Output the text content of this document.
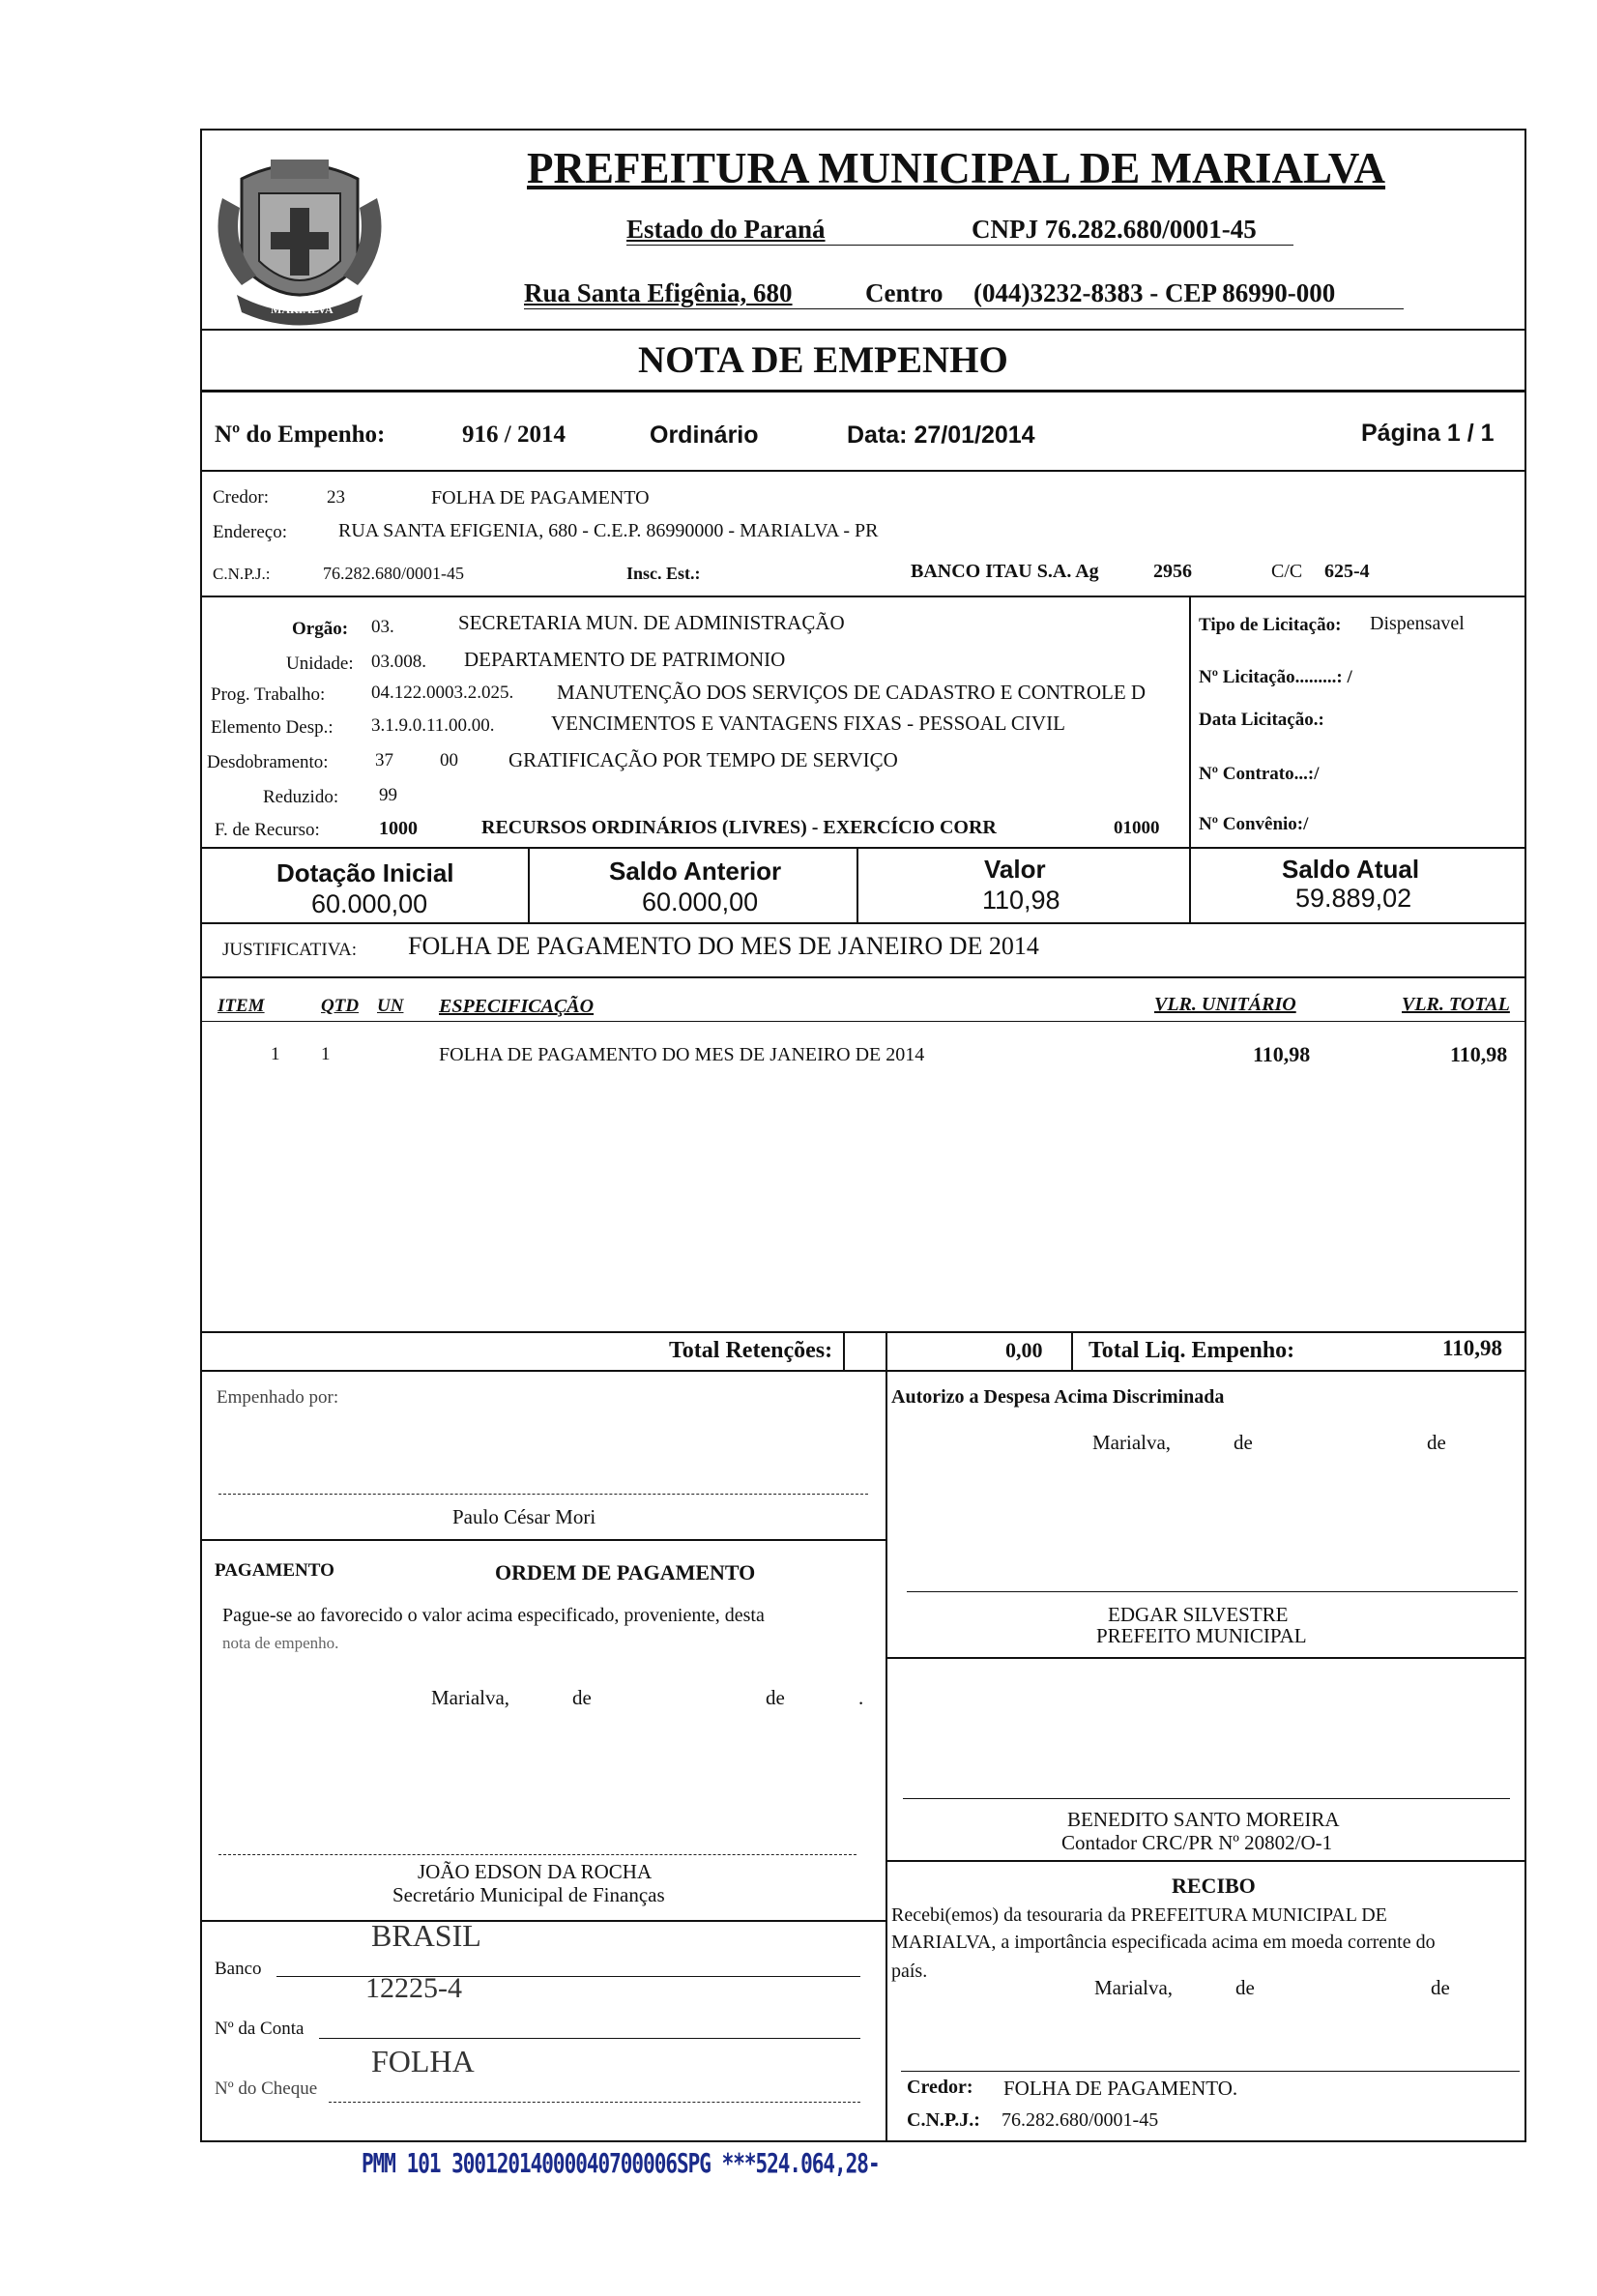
MARIALVA
PREFEITURA MUNICIPAL DE MARIALVA
Estado do Paraná	CNPJ 76.282.680/0001-45
Rua Santa Efigênia, 680	Centro (044)3232-8383 - CEP 86990-000
NOTA DE EMPENHO
Nº do Empenho:	916 / 2014	Ordinário	Data: 27/01/2014	Página 1 / 1
Credor:	23	FOLHA DE PAGAMENTO
Endereço:	RUA SANTA EFIGENIA, 680 - C.E.P. 86990000 - MARIALVA - PR
C.N.P.J.:	76.282.680/0001-45	Insc. Est.:	BANCO ITAU S.A. Ag	2956	C/C 625-4
Orgão: 03.	SECRETARIA MUN. DE ADMINISTRAÇÃO
Unidade: 03.008. DEPARTAMENTO DE PATRIMONIO
Prog. Trabalho:	04.122.0003.2.025. MANUTENÇÃO DOS SERVIÇOS DE CADASTRO E CONTROLE D
Elemento Desp.: 3.1.9.0.11.00.00.	VENCIMENTOS E VANTAGENS FIXAS - PESSOAL CIVIL
Desdobramento:	37	00 GRATIFICAÇÃO POR TEMPO DE SERVIÇO
Reduzido: 99
F. de Recurso:	1000	RECURSOS ORDINÁRIOS (LIVRES) - EXERCÍCIO CORR	01000
Tipo de Licitação: Dispensavel
Nº Licitação.........: /
Data Licitação.:
Nº Contrato...:/
Nº Convênio:/
Dotação Inicial
60.000,00
Saldo Anterior
60.000,00
Valor
110,98
Saldo Atual
59.889,02
JUSTIFICATIVA: FOLHA DE PAGAMENTO DO MES DE JANEIRO DE 2014
ITEM	QTD UN ESPECIFICAÇÃO	VLR. UNITÁRIO	VLR. TOTAL
1 1	FOLHA DE PAGAMENTO DO MES DE JANEIRO DE 2014	110,98	110,98
Total Retenções:	0,00 Total Liq. Empenho:	110,98
Empenhado por:
Paulo César Mori
Autorizo a Despesa Acima Discriminada
Marialva,	de	de
EDGAR SILVESTRE
PREFEITO MUNICIPAL
PAGAMENTO	ORDEM DE PAGAMENTO
Pague-se ao favorecido o valor acima especificado, proveniente, desta
nota de empenho.
Marialva,	de	de	.
BENEDITO SANTO MOREIRA
Contador CRC/PR Nº 20802/O-1
JOÃO EDSON DA ROCHA
Secretário Municipal de Finanças	RECIBO
Recebi(emos) da tesouraria da PREFEITURA MUNICIPAL DE
MARIALVA, a importância especificada acima em moeda corrente do
país.
Marialva,	de	de
Banco
BRASIL
12225-4
Nº da Conta
FOLHA
Nº do Cheque	Credor: FOLHA DE PAGAMENTO.
C.N.P.J.: 76.282.680/0001-45
PMM 101 30012014000040700006SPG ***524.064,28-
